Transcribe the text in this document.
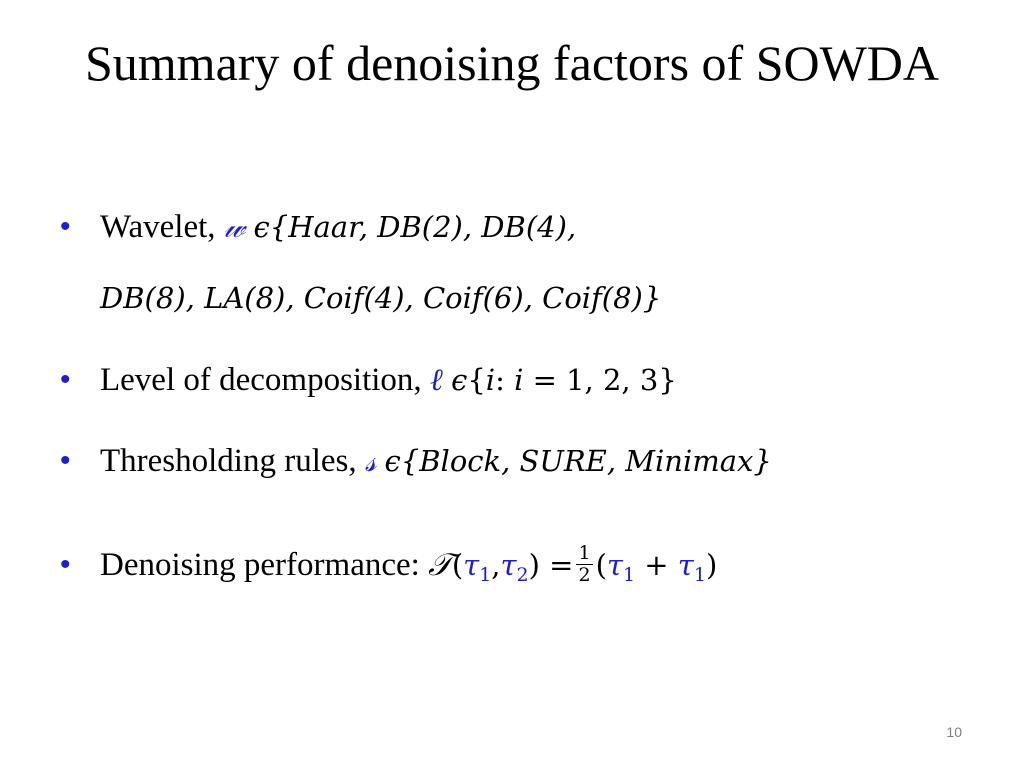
Summary of denoising factors of SOWDA
• Wavelet, 𝓌 ϵ{Haar, DB(2), DB(4),
DB(8), LA(8), Coif(4), Coif(6), Coif(8)}
• Level of decomposition, ℓ ϵ{i: i = 1, 2, 3}
• Thresholding rules, 𝓈 ϵ{Block, SURE, Minimax}
• Denoising performance: $𝒯(\tau_1,\tau_2) = \frac{1}{2} (\tau_1 + \tau_1)$
10
